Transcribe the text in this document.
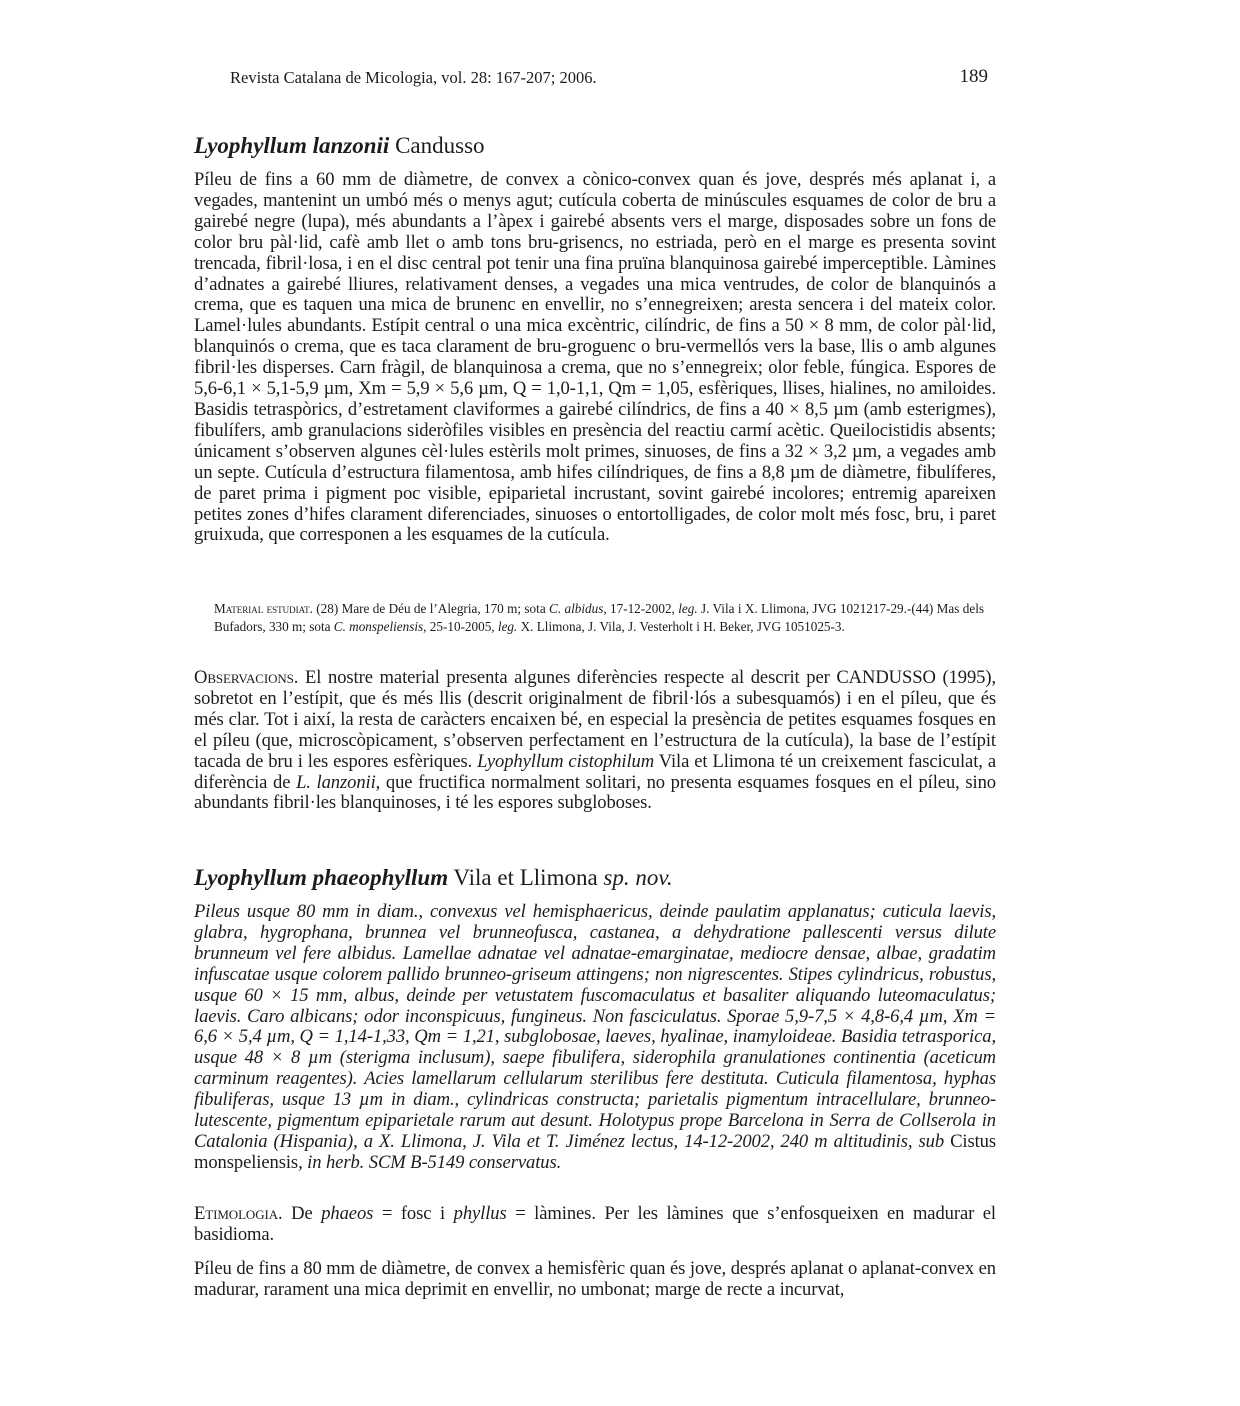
Revista Catalana de Micologia, vol. 28: 167-207; 2006.	189
Lyophyllum lanzonii Candusso
Píleu de fins a 60 mm de diàmetre, de convex a cònico-convex quan és jove, després més aplanat i, a vegades, mantenint un umbó més o menys agut; cutícula coberta de minúscules esquames de color de bru a gairebé negre (lupa), més abundants a l’àpex i gairebé absents vers el marge, disposades sobre un fons de color bru pàl·lid, cafè amb llet o amb tons bru-grisencs, no estriada, però en el marge es presenta sovint trencada, fibril·losa, i en el disc central pot tenir una fina pruïna blanquinosa gairebé imperceptible. Làmines d’adnates a gairebé lliures, relativament denses, a vegades una mica ventrudes, de color de blanquinós a crema, que es taquen una mica de brunenc en envellir, no s’ennegreixen; aresta sencera i del mateix color. Lamel·lules abundants. Estípit central o una mica excèntric, cilíndric, de fins a 50 × 8 mm, de color pàl·lid, blanquinós o crema, que es taca clarament de bru-groguenc o bru-vermellós vers la base, llis o amb algunes fibril·les disperses. Carn fràgil, de blanquinosa a crema, que no s’ennegreix; olor feble, fúngica. Espores de 5,6-6,1 × 5,1-5,9 µm, Xm = 5,9 × 5,6 µm, Q = 1,0-1,1, Qm = 1,05, esfèriques, llises, hialines, no amiloides. Basidis tetraspòrics, d’estretament claviformes a gairebé cilíndrics, de fins a 40 × 8,5 µm (amb esterigmes), fibulífers, amb granulacions sideròfiles visibles en presència del reactiu carmí acètic. Queilocistidis absents; únicament s’observen algunes cèl·lules estèrils molt primes, sinuoses, de fins a 32 × 3,2 µm, a vegades amb un septe. Cutícula d’estructura filamentosa, amb hifes cilíndriques, de fins a 8,8 µm de diàmetre, fibulíferes, de paret prima i pigment poc visible, epiparietal incrustant, sovint gairebé incolores; entremig apareixen petites zones d’hifes clarament diferenciades, sinuoses o entortolligades, de color molt més fosc, bru, i paret gruixuda, que corresponen a les esquames de la cutícula.
Material estudiat. (28) Mare de Déu de l’Alegria, 170 m; sota C. albidus, 17-12-2002, leg. J. Vila i X. Llimona, JVG 1021217-29.-(44) Mas dels Bufadors, 330 m; sota C. monspeliensis, 25-10-2005, leg. X. Llimona, J. Vila, J. Vesterholt i H. Beker, JVG 1051025-3.
Observacions. El nostre material presenta algunes diferències respecte al descrit per CANDUSSO (1995), sobretot en l’estípit, que és més llis (descrit originalment de fibril·lós a subesquamós) i en el píleu, que és més clar. Tot i així, la resta de caràcters encaixen bé, en especial la presència de petites esquames fosques en el píleu (que, microscòpicament, s’observen perfectament en l’estructura de la cutícula), la base de l’estípit tacada de bru i les espores esfèriques. Lyophyllum cistophilum Vila et Llimona té un creixement fasciculat, a diferència de L. lanzonii, que fructifica normalment solitari, no presenta esquames fosques en el píleu, sino abundants fibril·les blanquinoses, i té les espores subgloboses.
Lyophyllum phaeophyllum Vila et Llimona sp. nov.
Pileus usque 80 mm in diam., convexus vel hemisphaericus, deinde paulatim applanatus; cuticula laevis, glabra, hygrophana, brunnea vel brunneofusca, castanea, a dehydratione pallescenti versus dilute brunneum vel fere albidus. Lamellae adnatae vel adnatae-emarginatae, mediocre densae, albae, gradatim infuscatae usque colorem pallido brunneo-griseum attingens; non nigrescentes. Stipes cylindricus, robustus, usque 60 × 15 mm, albus, deinde per vetustatem fuscomaculatus et basaliter aliquando luteomaculatus; laevis. Caro albicans; odor inconspicuus, fungineus. Non fasciculatus. Sporae 5,9-7,5 × 4,8-6,4 µm, Xm = 6,6 × 5,4 µm, Q = 1,14-1,33, Qm = 1,21, subglobosae, laeves, hyalinae, inamyloideae. Basidia tetrasporica, usque 48 × 8 µm (sterigma inclusum), saepe fibulifera, siderophila granulationes continentia (aceticum carminum reagentes). Acies lamellarum cellularum sterilibus fere destituta. Cuticula filamentosa, hyphas fibuliferas, usque 13 µm in diam., cylindricas constructa; parietalis pigmentum intracellulare, brunneo-lutescente, pigmentum epiparietale rarum aut desunt. Holotypus prope Barcelona in Serra de Collserola in Catalonia (Hispania), a X. Llimona, J. Vila et T. Jiménez lectus, 14-12-2002, 240 m altitudinis, sub Cistus monspeliensis, in herb. SCM B-5149 conservatus.
Etimologia. De phaeos = fosc i phyllus = làmines. Per les làmines que s’enfosqueixen en madurar el basidioma.
Píleu de fins a 80 mm de diàmetre, de convex a hemisfèric quan és jove, després aplanat o aplanat-convex en madurar, rarament una mica deprimit en envellir, no umbonat; marge de recte a incurvat,
